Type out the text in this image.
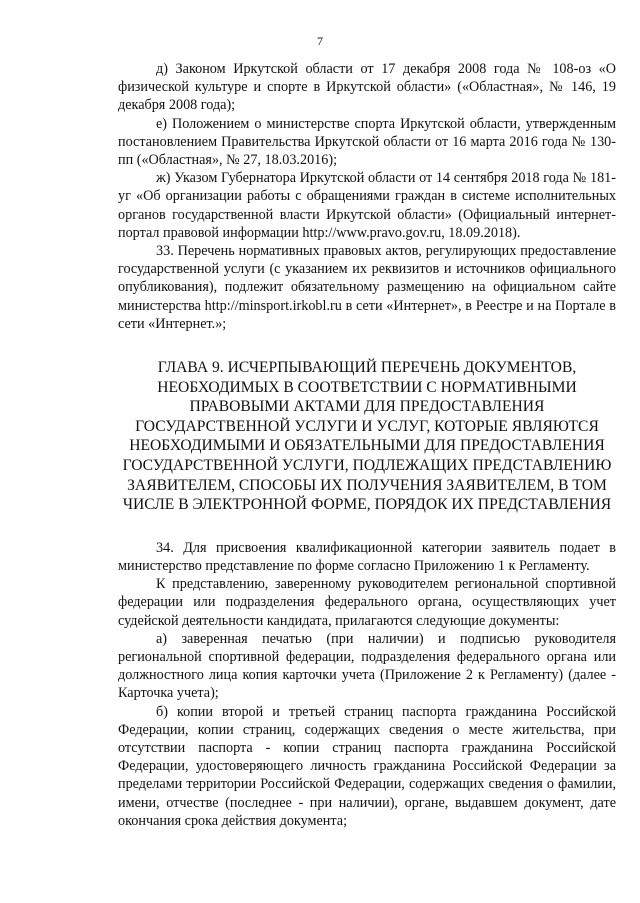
7

д) Законом Иркутской области от 17 декабря 2008 года № 108-оз «О физической культуре и спорте в Иркутской области» («Областная», № 146, 19 декабря 2008 года);

е) Положением о министерстве спорта Иркутской области, утвержденным постановлением Правительства Иркутской области от 16 марта 2016 года № 130-пп («Областная», № 27, 18.03.2016);

ж) Указом Губернатора Иркутской области от 14 сентября 2018 года № 181-уг «Об организации работы с обращениями граждан в системе исполнительных органов государственной власти Иркутской области» (Официальный интернет-портал правовой информации http://www.pravo.gov.ru, 18.09.2018).

33. Перечень нормативных правовых актов, регулирующих предоставление государственной услуги (с указанием их реквизитов и источников официального опубликования), подлежит обязательному размещению на официальном сайте министерства http://minsport.irkobl.ru в сети «Интернет», в Реестре и на Портале в сети «Интернет.»;

ГЛАВА 9. ИСЧЕРПЫВАЮЩИЙ ПЕРЕЧЕНЬ ДОКУМЕНТОВ, НЕОБХОДИМЫХ В СООТВЕТСТВИИ С НОРМАТИВНЫМИ ПРАВОВЫМИ АКТАМИ ДЛЯ ПРЕДОСТАВЛЕНИЯ ГОСУДАРСТВЕННОЙ УСЛУГИ И УСЛУГ, КОТОРЫЕ ЯВЛЯЮТСЯ НЕОБХОДИМЫМИ И ОБЯЗАТЕЛЬНЫМИ ДЛЯ ПРЕДОСТАВЛЕНИЯ ГОСУДАРСТВЕННОЙ УСЛУГИ, ПОДЛЕЖАЩИХ ПРЕДСТАВЛЕНИЮ ЗАЯВИТЕЛЕМ, СПОСОБЫ ИХ ПОЛУЧЕНИЯ ЗАЯВИТЕЛЕМ, В ТОМ ЧИСЛЕ В ЭЛЕКТРОННОЙ ФОРМЕ, ПОРЯДОК ИХ ПРЕДСТАВЛЕНИЯ

34. Для присвоения квалификационной категории заявитель подает в министерство представление по форме согласно Приложению 1 к Регламенту.

К представлению, заверенному руководителем региональной спортивной федерации или подразделения федерального органа, осуществляющих учет судейской деятельности кандидата, прилагаются следующие документы:

а) заверенная печатью (при наличии) и подписью руководителя региональной спортивной федерации, подразделения федерального органа или должностного лица копия карточки учета (Приложение 2 к Регламенту) (далее - Карточка учета);

б) копии второй и третьей страниц паспорта гражданина Российской Федерации, копии страниц, содержащих сведения о месте жительства, при отсутствии паспорта - копии страниц паспорта гражданина Российской Федерации, удостоверяющего личность гражданина Российской Федерации за пределами территории Российской Федерации, содержащих сведения о фамилии, имени, отчестве (последнее - при наличии), органе, выдавшем документ, дате окончания срока действия документа;
